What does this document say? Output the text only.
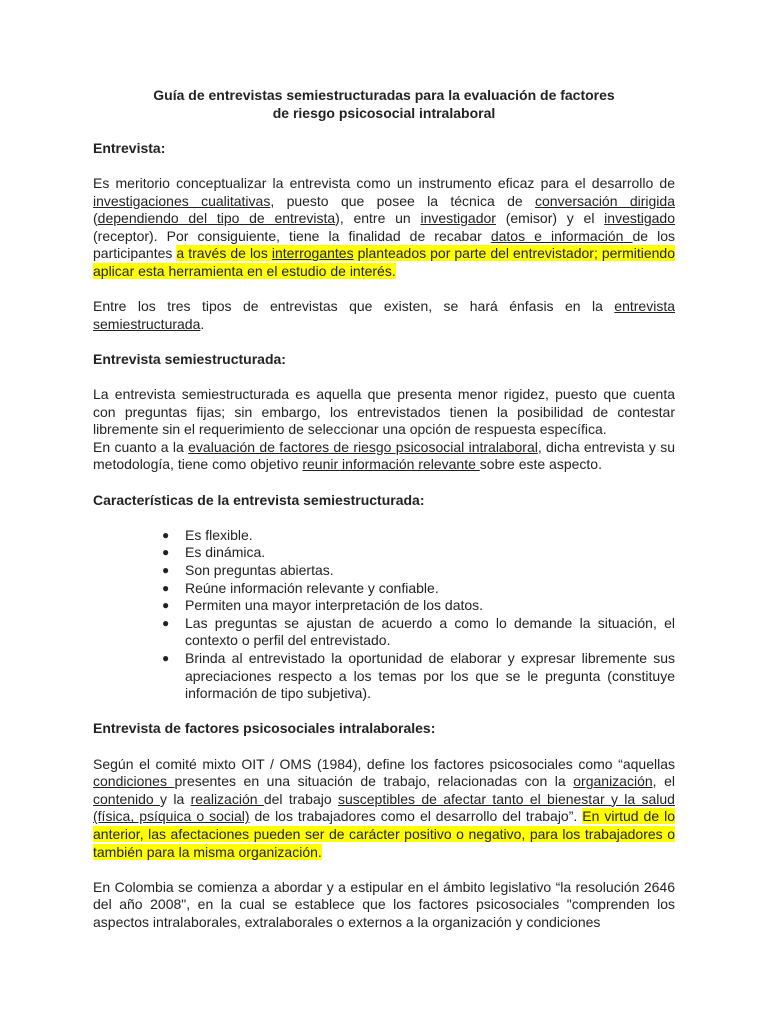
Guía de entrevistas semiestructuradas para la evaluación de factores
de riesgo psicosocial intralaboral

Entrevista:

Es meritorio conceptualizar la entrevista como un instrumento eficaz para el desarrollo de investigaciones cualitativas, puesto que posee la técnica de conversación dirigida (dependiendo del tipo de entrevista), entre un investigador (emisor) y el investigado (receptor). Por consiguiente, tiene la finalidad de recabar datos e información de los participantes a través de los interrogantes planteados por parte del entrevistador; permitiendo aplicar esta herramienta en el estudio de interés.

Entre los tres tipos de entrevistas que existen, se hará énfasis en la entrevista semiestructurada.

Entrevista semiestructurada:

La entrevista semiestructurada es aquella que presenta menor rigidez, puesto que cuenta con preguntas fijas; sin embargo, los entrevistados tienen la posibilidad de contestar libremente sin el requerimiento de seleccionar una opción de respuesta específica.

En cuanto a la evaluación de factores de riesgo psicosocial intralaboral, dicha entrevista y su metodología, tiene como objetivo reunir información relevante sobre este aspecto.

Características de la entrevista semiestructurada:

● Es flexible.
● Es dinámica.
● Son preguntas abiertas.
● Reúne información relevante y confiable.
● Permiten una mayor interpretación de los datos.
● Las preguntas se ajustan de acuerdo a como lo demande la situación, el contexto o perfil del entrevistado.
● Brinda al entrevistado la oportunidad de elaborar y expresar libremente sus apreciaciones respecto a los temas por los que se le pregunta (constituye información de tipo subjetiva).

Entrevista de factores psicosociales intralaborales:

Según el comité mixto OIT / OMS (1984), define los factores psicosociales como “aquellas condiciones presentes en una situación de trabajo, relacionadas con la organización, el contenido y la realización del trabajo susceptibles de afectar tanto el bienestar y la salud (física, psíquica o social) de los trabajadores como el desarrollo del trabajo”. En virtud de lo anterior, las afectaciones pueden ser de carácter positivo o negativo, para los trabajadores o también para la misma organización.

En Colombia se comienza a abordar y a estipular en el ámbito legislativo “la resolución 2646 del año 2008", en la cual se establece que los factores psicosociales "comprenden los aspectos intralaborales, extralaborales o externos a la organización y condiciones
